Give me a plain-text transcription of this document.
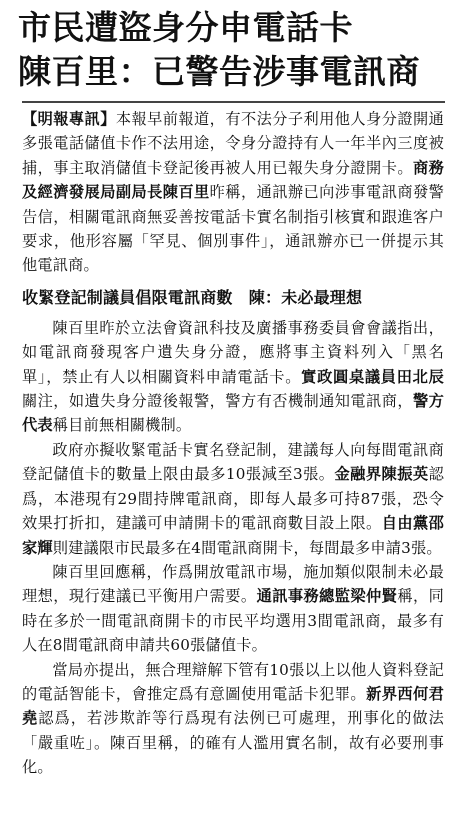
市民遭盜身分申電話卡
陳百里：已警告涉事電訊商

【明報專訊】本報早前報道，有不法分子利用他人身分證開通多張電話儲值卡作不法用途，令身分證持有人一年半內三度被捕，事主取消儲值卡登記後再被人用已報失身分證開卡。商務及經濟發展局副局長陳百里昨稱，通訊辦已向涉事電訊商發警告信，相關電訊商無妥善按電話卡實名制指引核實和跟進客户要求，他形容屬「罕見、個別事件」，通訊辦亦已一併提示其他電訊商。

收緊登記制議員倡限電訊商數　陳：未必最理想

陳百里昨於立法會資訊科技及廣播事務委員會會議指出，如電訊商發現客户遺失身分證，應將事主資料列入「黑名單」，禁止有人以相關資料申請電話卡。實政圓桌議員田北辰關注，如遺失身分證後報警，警方有否機制通知電訊商，警方代表稱目前無相關機制。

政府亦擬收緊電話卡實名登記制，建議每人向每間電訊商登記儲值卡的數量上限由最多10張減至3張。金融界陳振英認爲，本港現有29間持牌電訊商，即每人最多可持87張，恐令效果打折扣，建議可申請開卡的電訊商數目設上限。自由黨邵家輝則建議限市民最多在4間電訊商開卡，每間最多申請3張。

陳百里回應稱，作爲開放電訊市場，施加類似限制未必最理想，現行建議已平衡用户需要。通訊事務總監梁仲賢稱，同時在多於一間電訊商開卡的市民平均選用3間電訊商，最多有人在8間電訊商申請共60張儲值卡。

當局亦提出，無合理辯解下管有10張以上以他人資料登記的電話智能卡，會推定爲有意圖使用電話卡犯罪。新界西何君堯認爲，若涉欺詐等行爲現有法例已可處理，刑事化的做法「嚴重咗」。陳百里稱，的確有人濫用實名制，故有必要刑事化。
